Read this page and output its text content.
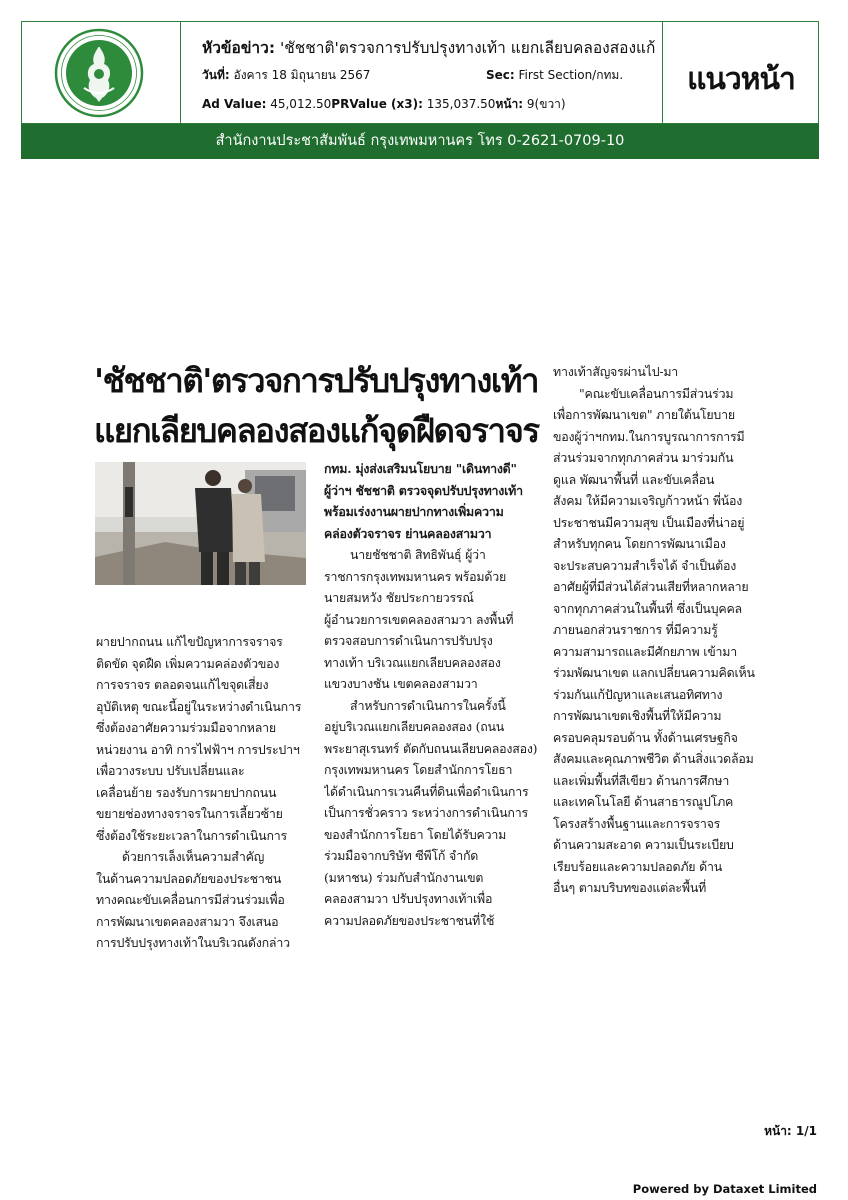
หัวข้อข่าว: 'ชัชชาติ'ตรวจการปรับปรุงทางเท้า แยกเลียบคลองสองแก้
วันที่: อังคาร 18 มิถุนายน 2567	Sec: First Section/กทม.
Ad Value: 45,012.50PRValue (x3): 135,037.50หน้า: 9(ขวา)
แนวหน้า
สำนักงานประชาสัมพันธ์ กรุงเทพมหานคร โทร 0-2621-0709-10
'ชัชชาติ'ตรวจการปรับปรุงทางเท้า
แยกเลียบคลองสองแก้จุดฝืดจราจร

ผายปากถนน แก้ไขปัญหาการจราจร

ติดขัด จุดฝืด เพิ่มความคล่องตัวของ

การจราจร ตลอดจนแก้ไขจุดเสี่ยง

อุบัติเหตุ ขณะนี้อยู่ในระหว่างดำเนินการ

ซึ่งต้องอาศัยความร่วมมือจากหลาย

หน่วยงาน อาทิ การไฟฟ้าฯ การประปาฯ

เพื่อวางระบบ ปรับเปลี่ยนและ

เคลื่อนย้าย รองรับการผายปากถนน

ขยายช่องทางจราจรในการเลี้ยวซ้าย

ซึ่งต้องใช้ระยะเวลาในการดำเนินการ

ด้วยการเล็งเห็นความสำคัญ

ในด้านความปลอดภัยของประชาชน

ทางคณะขับเคลื่อนการมีส่วนร่วมเพื่อ

การพัฒนาเขตคลองสามวา จึงเสนอ

การปรับปรุงทางเท้าในบริเวณดังกล่าว

กทม. มุ่งส่งเสริมนโยบาย "เดินทางดี"

ผู้ว่าฯ ชัชชาติ ตรวจจุดปรับปรุงทางเท้า

พร้อมเร่งงานผายปากทางเพิ่มความ

คล่องตัวจราจร ย่านคลองสามวา

นายชัชชาติ สิทธิพันธุ์ ผู้ว่า

ราชการกรุงเทพมหานคร พร้อมด้วย

นายสมหวัง ชัยประกายวรรณ์

ผู้อำนวยการเขตคลองสามวา ลงพื้นที่

ตรวจสอบการดำเนินการปรับปรุง

ทางเท้า บริเวณแยกเลียบคลองสอง

แขวงบางชัน เขตคลองสามวา

สำหรับการดำเนินการในครั้งนี้

อยู่บริเวณแยกเลียบคลองสอง (ถนน

พระยาสุเรนทร์ ตัดกับถนนเลียบคลองสอง)

กรุงเทพมหานคร โดยสำนักการโยธา

ได้ดำเนินการเวนคืนที่ดินเพื่อดำเนินการ

เป็นการชั่วคราว ระหว่างการดำเนินการ

ของสำนักการโยธา โดยได้รับความ

ร่วมมือจากบริษัท ซีพีโก้ จำกัด

(มหาชน) ร่วมกับสำนักงานเขต

คลองสามวา ปรับปรุงทางเท้าเพื่อ

ความปลอดภัยของประชาชนที่ใช้

ทางเท้าสัญจรผ่านไป-มา

"คณะขับเคลื่อนการมีส่วนร่วม

เพื่อการพัฒนาเขต" ภายใต้นโยบาย

ของผู้ว่าฯกทม.ในการบูรณาการการมี

ส่วนร่วมจากทุกภาคส่วน มาร่วมกัน

ดูแล พัฒนาพื้นที่ และขับเคลื่อน

สังคม ให้มีความเจริญก้าวหน้า พี่น้อง

ประชาชนมีความสุข เป็นเมืองที่น่าอยู่

สำหรับทุกคน โดยการพัฒนาเมือง

จะประสบความสำเร็จได้ จำเป็นต้อง

อาศัยผู้ที่มีส่วนได้ส่วนเสียที่หลากหลาย

จากทุกภาคส่วนในพื้นที่ ซึ่งเป็นบุคคล

ภายนอกส่วนราชการ ที่มีความรู้

ความสามารถและมีศักยภาพ เข้ามา

ร่วมพัฒนาเขต แลกเปลี่ยนความคิดเห็น

ร่วมกันแก้ปัญหาและเสนอทิศทาง

การพัฒนาเขตเชิงพื้นที่ให้มีความ

ครอบคลุมรอบด้าน ทั้งด้านเศรษฐกิจ

สังคมและคุณภาพชีวิต ด้านสิ่งแวดล้อม

และเพิ่มพื้นที่สีเขียว ด้านการศึกษา

และเทคโนโลยี ด้านสาธารณูปโภค

โครงสร้างพื้นฐานและการจราจร

ด้านความสะอาด ความเป็นระเบียบ

เรียบร้อยและความปลอดภัย ด้าน

อื่นๆ ตามบริบทของแต่ละพื้นที่

หน้า: 1/1
Powered by Dataxet Limited
